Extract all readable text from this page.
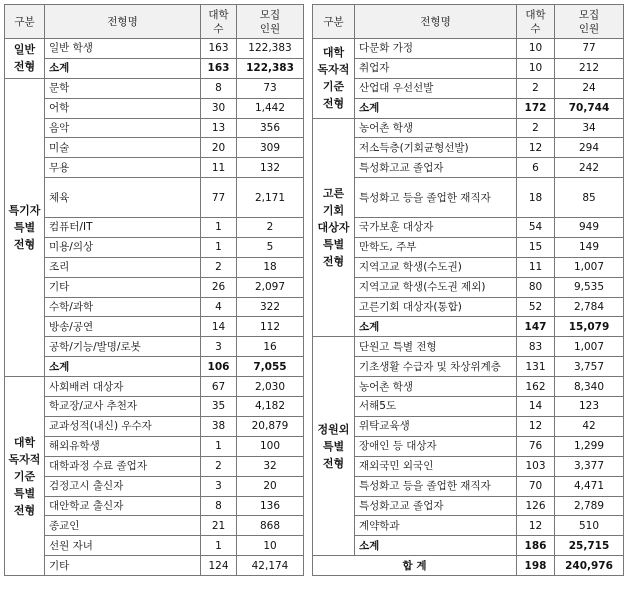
구분	전형명	대학
수	모집
인원
일반
전형	일반 학생	163	122,383
	소계	163	122,383
특기자
특별
전형	문학	8	73
	어학	30	1,442
	음악	13	356
	미술	20	309
	무용	11	132
	체육	77	2,171
	컴퓨터/IT	1	2
	미용/의상	1	5
	조리	2	18
	기타	26	2,097
	수학/과학	4	322
	방송/공연	14	112
	공학/기능/발명/로봇	3	16
	소계	106	7,055
대학
독자적
기준
특별
전형	사회배려 대상자	67	2,030
	학교장/교사 추천자	35	4,182
	교과성적(내신) 우수자	38	20,879
	해외유학생	1	100
	대학과정 수료 졸업자	2	32
	검정고시 출신자	3	20
	대안학교 출신자	8	136
	종교인	21	868
	선원 자녀	1	10
	기타	124	42,174
구분	전형명	대학
수	모집
인원
대학
독자적
기준
전형	다문화 가정	10	77
	취업자	10	212
	산업대 우선선발	2	24
	소계	172	70,744
고른
기회
대상자
특별
전형	농어촌 학생	2	34
	저소득층(기회균형선발)	12	294
	특성화고교 졸업자	6	242
	특성화고 등을 졸업한 재직자	18	85
	국가보훈 대상자	54	949
	만학도, 주부	15	149
	지역고교 학생(수도권)	11	1,007
	지역고교 학생(수도권 제외)	80	9,535
	고른기회 대상자(통합)	52	2,784
	소계	147	15,079
정원외
특별
전형	단원고 특별 전형	83	1,007
	기초생활 수급자 및 차상위계층	131	3,757
	농어촌 학생	162	8,340
	서해5도	14	123
	위탁교육생	12	42
	장애인 등 대상자	76	1,299
	재외국민 외국인	103	3,377
	특성화고 등을 졸업한 재직자	70	4,471
	특성화고교 졸업자	126	2,789
	계약학과	12	510
	소계	186	25,715
합 계		198	240,976
